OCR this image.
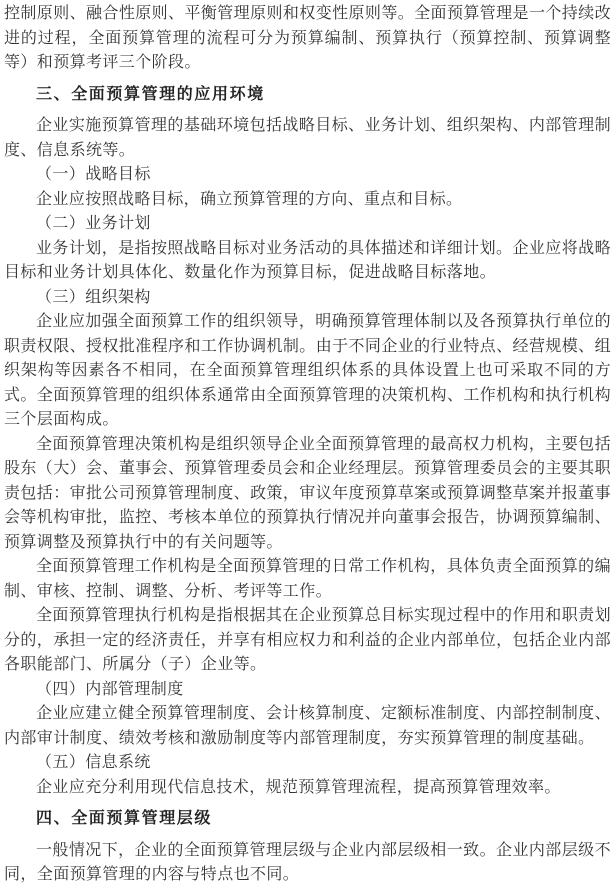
控制原则、融合性原则、平衡管理原则和权变性原则等。全面预算管理是一个持续改进的过程，全面预算管理的流程可分为预算编制、预算执行（预算控制、预算调整等）和预算考评三个阶段。

三、全面预算管理的应用环境

企业实施预算管理的基础环境包括战略目标、业务计划、组织架构、内部管理制度、信息系统等。

（一）战略目标

企业应按照战略目标，确立预算管理的方向、重点和目标。

（二）业务计划

业务计划，是指按照战略目标对业务活动的具体描述和详细计划。企业应将战略目标和业务计划具体化、数量化作为预算目标，促进战略目标落地。

（三）组织架构

企业应加强全面预算工作的组织领导，明确预算管理体制以及各预算执行单位的职责权限、授权批准程序和工作协调机制。由于不同企业的行业特点、经营规模、组织架构等因素各不相同，在全面预算管理组织体系的具体设置上也可采取不同的方式。全面预算管理的组织体系通常由全面预算管理的决策机构、工作机构和执行机构三个层面构成。

全面预算管理决策机构是组织领导企业全面预算管理的最高权力机构，主要包括股东（大）会、董事会、预算管理委员会和企业经理层。预算管理委员会的主要其职责包括：审批公司预算管理制度、政策，审议年度预算草案或预算调整草案并报董事会等机构审批，监控、考核本单位的预算执行情况并向董事会报告，协调预算编制、预算调整及预算执行中的有关问题等。

全面预算管理工作机构是全面预算管理的日常工作机构，具体负责全面预算的编制、审核、控制、调整、分析、考评等工作。

全面预算管理执行机构是指根据其在企业预算总目标实现过程中的作用和职责划分的，承担一定的经济责任，并享有相应权力和利益的企业内部单位，包括企业内部各职能部门、所属分（子）企业等。

（四）内部管理制度

企业应建立健全预算管理制度、会计核算制度、定额标准制度、内部控制制度、内部审计制度、绩效考核和激励制度等内部管理制度，夯实预算管理的制度基础。

（五）信息系统

企业应充分利用现代信息技术，规范预算管理流程，提高预算管理效率。

四、全面预算管理层级

一般情况下，企业的全面预算管理层级与企业内部层级相一致。企业内部层级不同，全面预算管理的内容与特点也不同。
